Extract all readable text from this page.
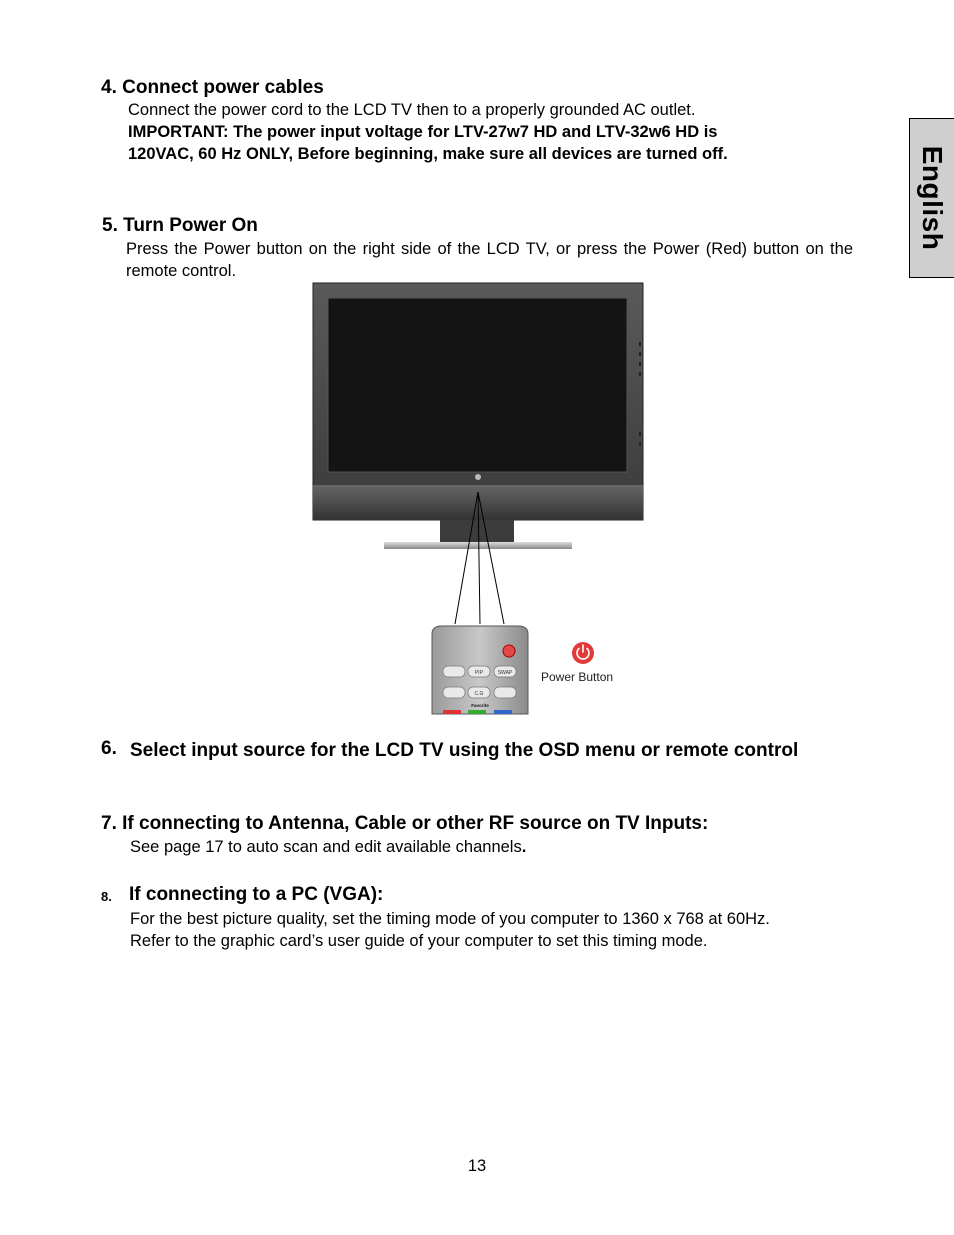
English
4. Connect power cables
Connect the power cord to the LCD TV then to a properly grounded AC outlet.
IMPORTANT: The power input voltage for LTV-27w7 HD and LTV-32w6 HD is
120VAC, 60 Hz ONLY, Before beginning, make sure all devices are turned off.
5. Turn Power On
Press the Power button on the right side of the LCD TV, or press the Power (Red) button on the remote control.
PIP	SWAP
C.G
Favorite
Power Button
6. Select input source for the LCD TV using the OSD menu or remote control
7. If connecting to Antenna, Cable or other RF source on TV Inputs:
See page 17 to auto scan and edit available channels.
8. If connecting to a PC (VGA):
For the best picture quality, set the timing mode of you computer to 1360 x 768 at 60Hz.
Refer to the graphic card’s user guide of your computer to set this timing mode.
13
